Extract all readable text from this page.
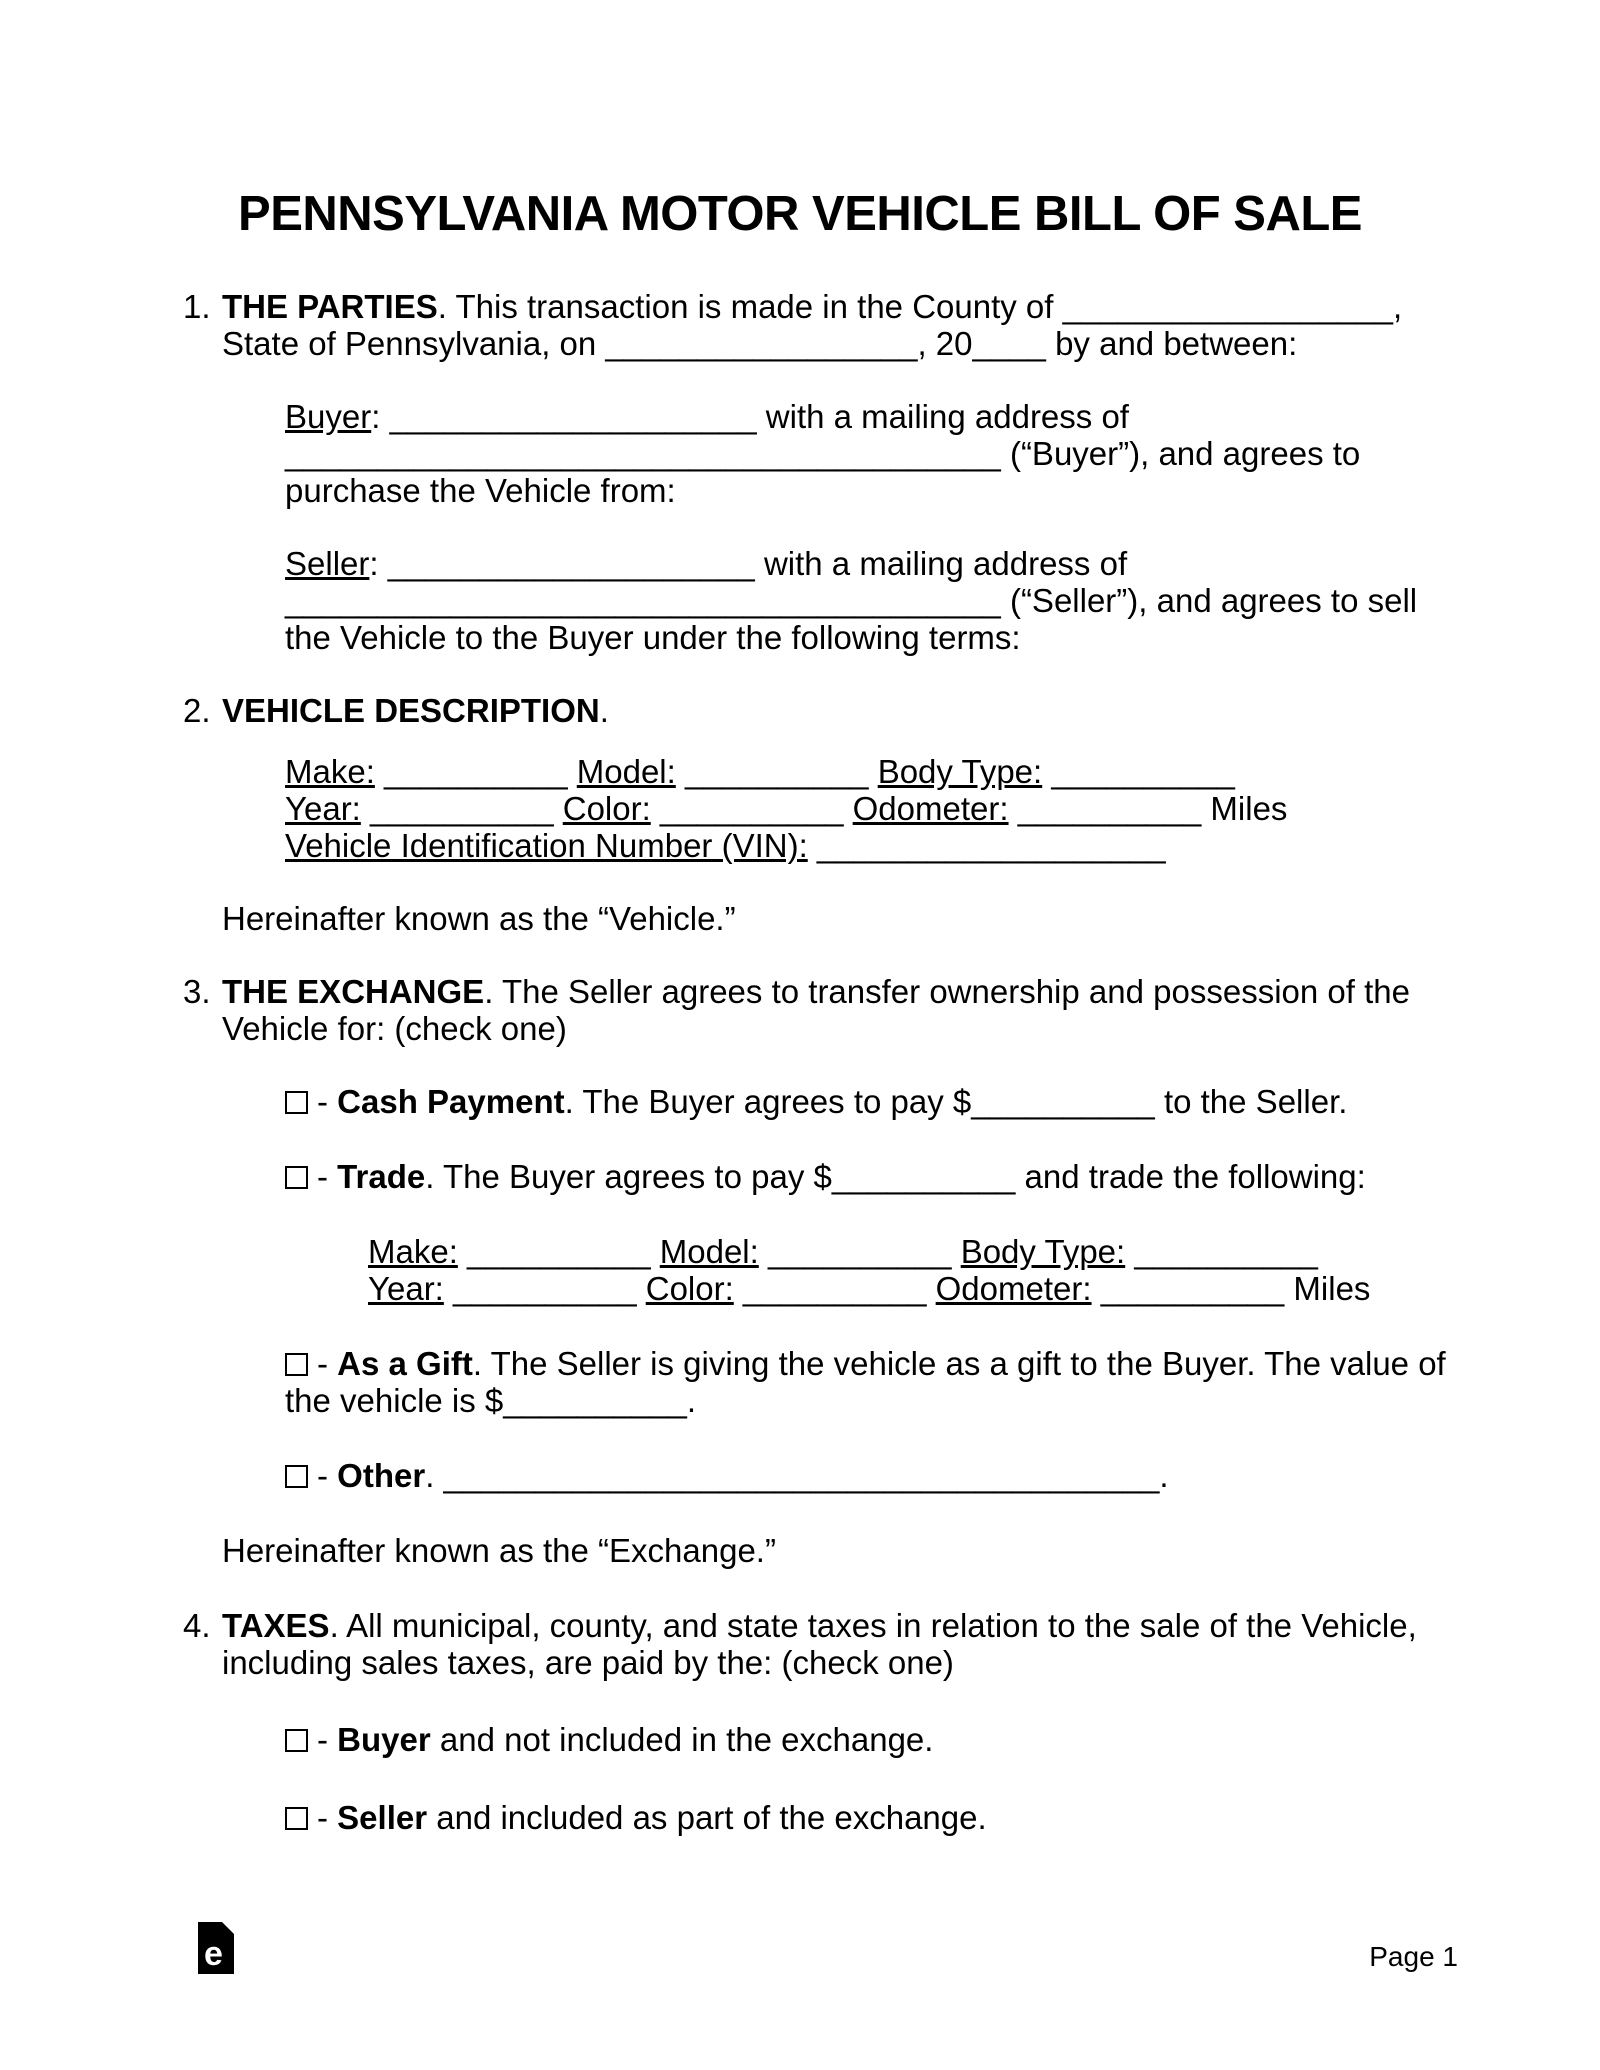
PENNSYLVANIA MOTOR VEHICLE BILL OF SALE
1. THE PARTIES. This transaction is made in the County of __________________,
State of Pennsylvania, on _________________, 20____ by and between:
Buyer: ____________________ with a mailing address of
_______________________________________ (“Buyer”), and agrees to
purchase the Vehicle from:
Seller: ____________________ with a mailing address of
_______________________________________ (“Seller”), and agrees to sell
the Vehicle to the Buyer under the following terms:
2. VEHICLE DESCRIPTION.
Make: __________ Model: __________ Body Type: __________
Year: __________ Color: __________ Odometer: __________ Miles
Vehicle Identification Number (VIN): ___________________
Hereinafter known as the “Vehicle.”
3. THE EXCHANGE. The Seller agrees to transfer ownership and possession of the
Vehicle for: (check one)
- Cash Payment. The Buyer agrees to pay $__________ to the Seller.
- Trade. The Buyer agrees to pay $__________ and trade the following:
Make: __________ Model: __________ Body Type: __________
Year: __________ Color: __________ Odometer: __________ Miles
- As a Gift. The Seller is giving the vehicle as a gift to the Buyer. The value of
the vehicle is $__________.
- Other. _______________________________________.
Hereinafter known as the “Exchange.”
4. TAXES. All municipal, county, and state taxes in relation to the sale of the Vehicle,
including sales taxes, are paid by the: (check one)
- Buyer and not included in the exchange.
- Seller and included as part of the exchange.
e	Page 1
